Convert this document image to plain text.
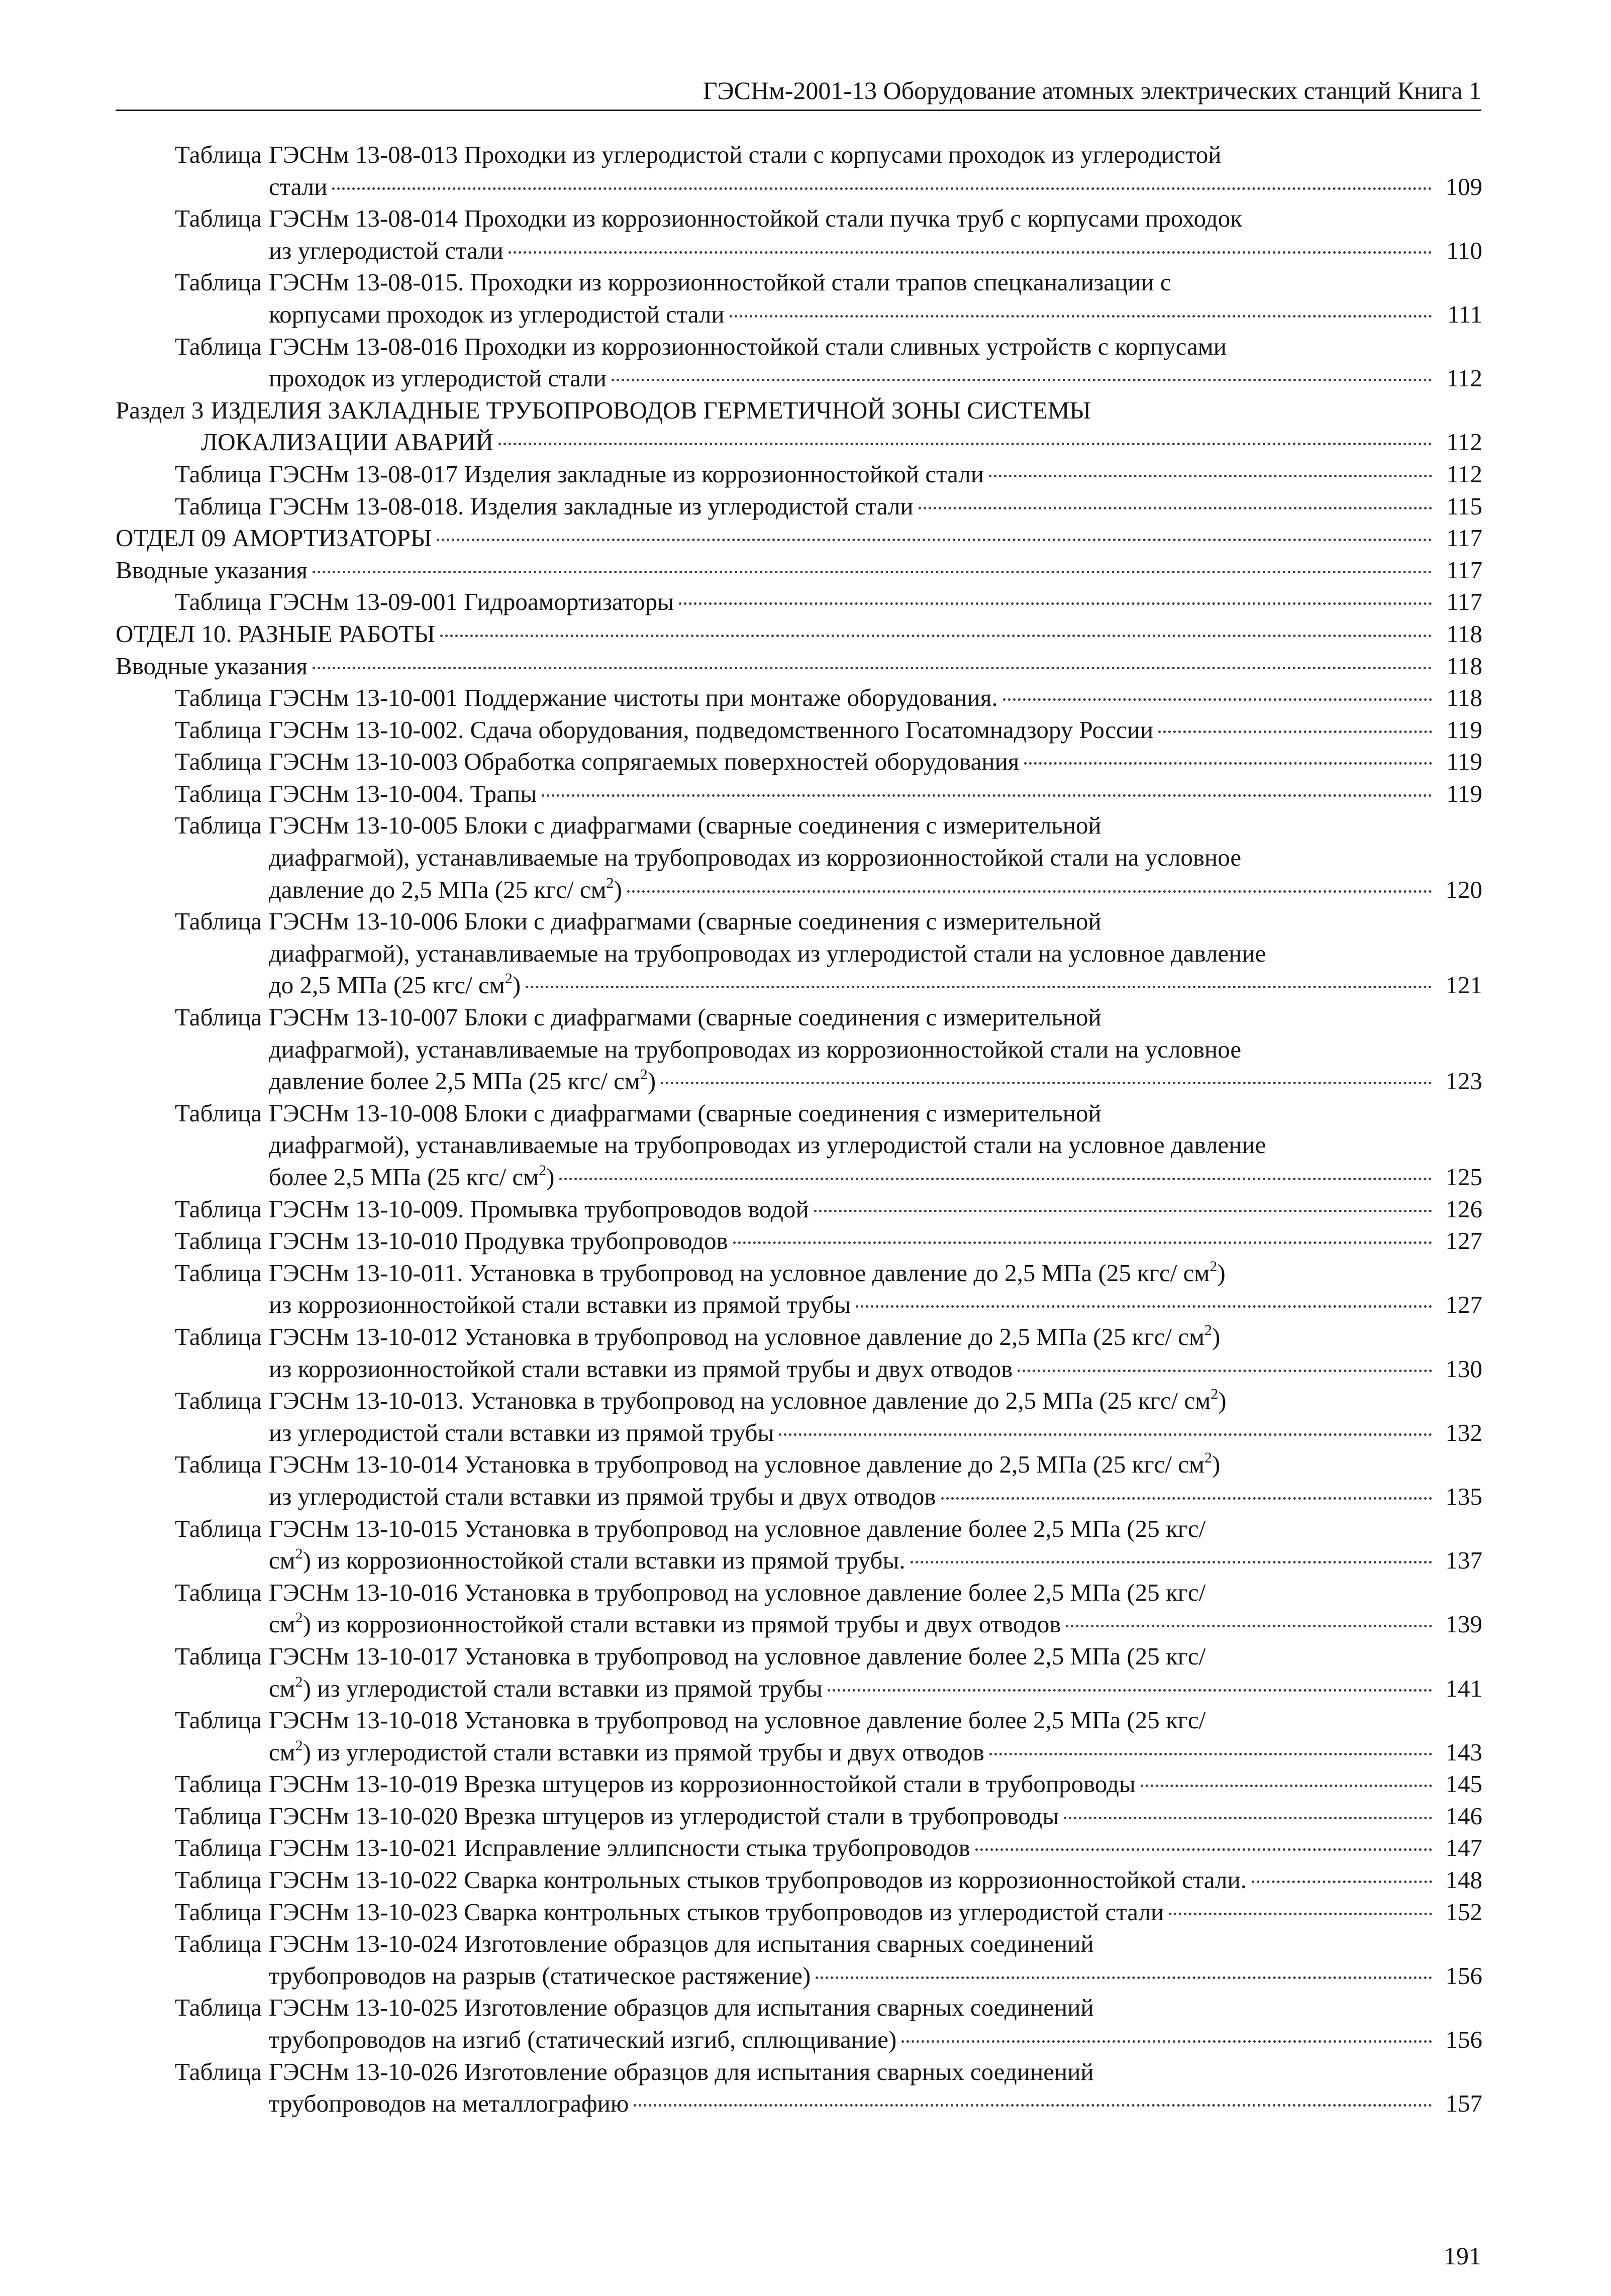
ГЭСНм-2001-13 Оборудование атомных электрических станций Книга 1
Таблица ГЭСНм 13-08-013 Проходки из углеродистой стали с корпусами проходок из углеродистой
стали	109
Таблица ГЭСНм 13-08-014 Проходки из коррозионностойкой стали пучка труб с корпусами проходок
из углеродистой стали	110
Таблица ГЭСНм 13-08-015. Проходки из коррозионностойкой стали трапов спецканализации с
корпусами проходок из углеродистой стали	111
Таблица ГЭСНм 13-08-016 Проходки из коррозионностойкой стали сливных устройств с корпусами
проходок из углеродистой стали	112
Раздел 3 ИЗДЕЛИЯ ЗАКЛАДНЫЕ ТРУБОПРОВОДОВ ГЕРМЕТИЧНОЙ ЗОНЫ СИСТЕМЫ
ЛОКАЛИЗАЦИИ АВАРИЙ	112
Таблица ГЭСНм 13-08-017 Изделия закладные из коррозионностойкой стали	112
Таблица ГЭСНм 13-08-018. Изделия закладные из углеродистой стали	115
ОТДЕЛ 09 АМОРТИЗАТОРЫ	117
Вводные указания	117
Таблица ГЭСНм 13-09-001 Гидроамортизаторы	117
ОТДЕЛ 10. РАЗНЫЕ РАБОТЫ	118
Вводные указания	118
Таблица ГЭСНм 13-10-001 Поддержание чистоты при монтаже оборудования.	118
Таблица ГЭСНм 13-10-002. Сдача оборудования, подведомственного Госатомнадзору России	119
Таблица ГЭСНм 13-10-003 Обработка сопрягаемых поверхностей оборудования	119
Таблица ГЭСНм 13-10-004. Трапы	119
Таблица ГЭСНм 13-10-005 Блоки с диафрагмами (сварные соединения с измерительной
диафрагмой), устанавливаемые на трубопроводах из коррозионностойкой стали на условное
давление до 2,5 МПа (25 кгс/ $см^2$)	120
Таблица ГЭСНм 13-10-006 Блоки с диафрагмами (сварные соединения с измерительной
диафрагмой), устанавливаемые на трубопроводах из углеродистой стали на условное давление
до 2,5 МПа (25 кгс/ $см^2$)	121
Таблица ГЭСНм 13-10-007 Блоки с диафрагмами (сварные соединения с измерительной
диафрагмой), устанавливаемые на трубопроводах из коррозионностойкой стали на условное
давление более 2,5 МПа (25 кгс/ $см^2$)	123
Таблица ГЭСНм 13-10-008 Блоки с диафрагмами (сварные соединения с измерительной
диафрагмой), устанавливаемые на трубопроводах из углеродистой стали на условное давление
более 2,5 МПа (25 кгс/ $см^2$)	125
Таблица ГЭСНм 13-10-009. Промывка трубопроводов водой	126
Таблица ГЭСНм 13-10-010 Продувка трубопроводов	127
Таблица ГЭСНм 13-10-011. Установка в трубопровод на условное давление до 2,5 МПа (25 кгс/ $см^2$)
из коррозионностойкой стали вставки из прямой трубы	127
Таблица ГЭСНм 13-10-012 Установка в трубопровод на условное давление до 2,5 МПа (25 кгс/ $см^2$)
из коррозионностойкой стали вставки из прямой трубы и двух отводов	130
Таблица ГЭСНм 13-10-013. Установка в трубопровод на условное давление до 2,5 МПа (25 кгс/ $см^2$)
из углеродистой стали вставки из прямой трубы	132
Таблица ГЭСНм 13-10-014 Установка в трубопровод на условное давление до 2,5 МПа (25 кгс/ $см^2$)
из углеродистой стали вставки из прямой трубы и двух отводов	135
Таблица ГЭСНм 13-10-015 Установка в трубопровод на условное давление более 2,5 МПа (25 кгс/
$см^2$) из коррозионностойкой стали вставки из прямой трубы.	137
Таблица ГЭСНм 13-10-016 Установка в трубопровод на условное давление более 2,5 МПа (25 кгс/
$см^2$) из коррозионностойкой стали вставки из прямой трубы и двух отводов	139
Таблица ГЭСНм 13-10-017 Установка в трубопровод на условное давление более 2,5 МПа (25 кгс/
$см^2$) из углеродистой стали вставки из прямой трубы	141
Таблица ГЭСНм 13-10-018 Установка в трубопровод на условное давление более 2,5 МПа (25 кгс/
$см^2$) из углеродистой стали вставки из прямой трубы и двух отводов	143
Таблица ГЭСНм 13-10-019 Врезка штуцеров из коррозионностойкой стали в трубопроводы	145
Таблица ГЭСНм 13-10-020 Врезка штуцеров из углеродистой стали в трубопроводы	146
Таблица ГЭСНм 13-10-021 Исправление эллипсности стыка трубопроводов	147
Таблица ГЭСНм 13-10-022 Сварка контрольных стыков трубопроводов из коррозионностойкой стали.	148
Таблица ГЭСНм 13-10-023 Сварка контрольных стыков трубопроводов из углеродистой стали	152
Таблица ГЭСНм 13-10-024 Изготовление образцов для испытания сварных соединений
трубопроводов на разрыв (статическое растяжение)	156
Таблица ГЭСНм 13-10-025 Изготовление образцов для испытания сварных соединений
трубопроводов на изгиб (статический изгиб, сплющивание)	156
Таблица ГЭСНм 13-10-026 Изготовление образцов для испытания сварных соединений
трубопроводов на металлографию	157
191
